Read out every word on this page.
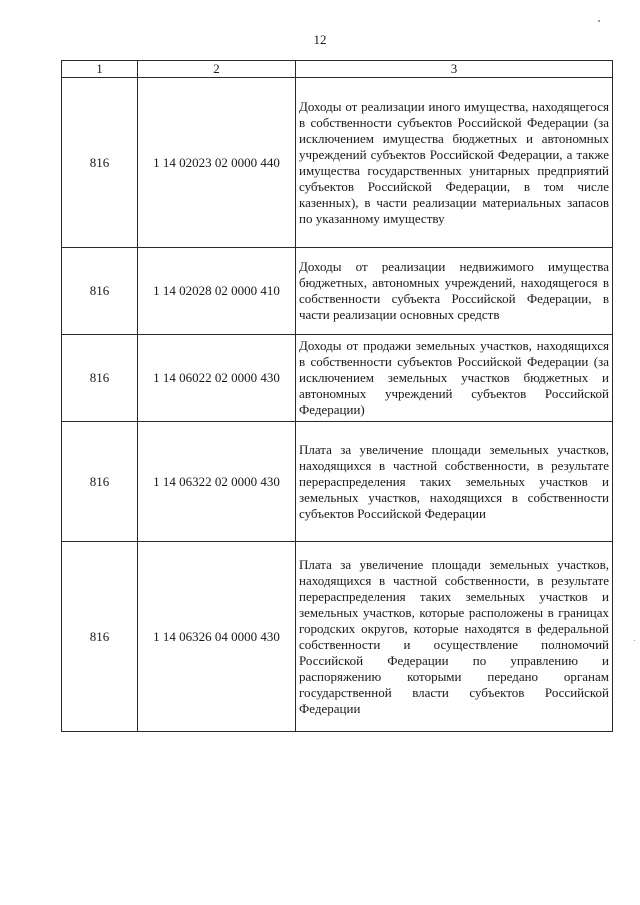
12
1	2	3
816	1 14 02023 02 0000 440	Доходы от реализации иного имущества, находящегося в собственности субъектов Российской Федерации (за исключением имущества бюджетных и автономных учреждений субъектов Российской Федерации, а также имущества государственных унитарных предприятий субъектов Российской Федерации, в том числе казенных), в части реализации материальных запасов по указанному имуществу
816	1 14 02028 02 0000 410	Доходы от реализации недвижимого имущества бюджетных, автономных учреждений, находящегося в собственности субъекта Российской Федерации, в части реализации основных средств
816	1 14 06022 02 0000 430	Доходы от продажи земельных участков, находящихся в собственности субъектов Российской Федерации (за исключением земельных участков бюджетных и автономных учреждений субъектов Российской Федерации)
816	1 14 06322 02 0000 430	Плата за увеличение площади земельных участков, находящихся в частной собственности, в результате перераспределения таких земельных участков и земельных участков, находящихся в собственности субъектов Российской Федерации
816	1 14 06326 04 0000 430	Плата за увеличение площади земельных участков, находящихся в частной собственности, в результате перераспределения таких земельных участков и земельных участков, которые расположены в границах городских округов, которые находятся в федеральной собственности и осуществление полномочий Российской Федерации по управлению и распоряжению которыми передано органам государственной власти субъектов Российской Федерации
